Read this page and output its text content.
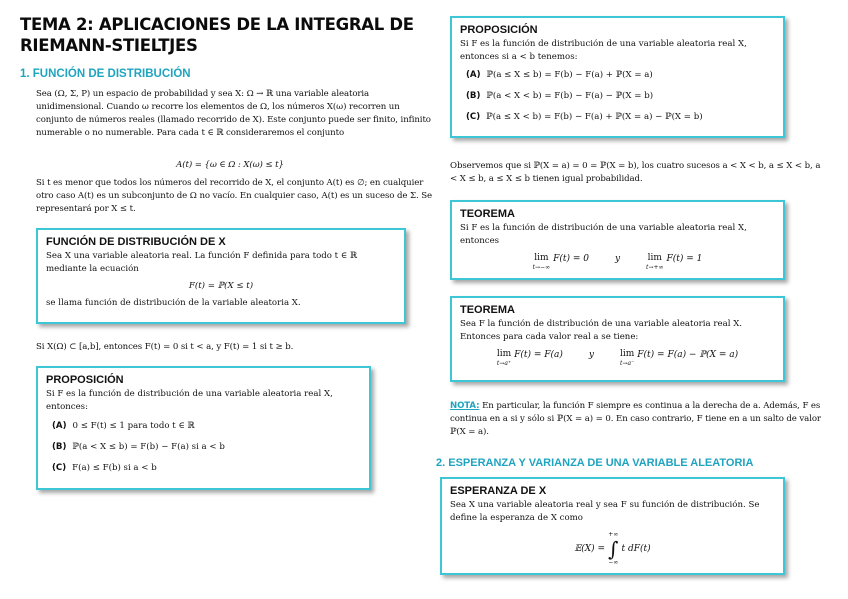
TEMA 2: APLICACIONES DE LA INTEGRAL DE
RIEMANN-STIELTJES
1. FUNCIÓN DE DISTRIBUCIÓN

Sea (Ω, Σ, P) un espacio de probabilidad y sea X: Ω → ℝ una variable aleatoria unidimensional. Cuando ω recorre los elementos de Ω, los números X(ω) recorren un conjunto de números reales (llamado recorrido de X). Este conjunto puede ser finito, infinito numerable o no numerable. Para cada t ∈ ℝ consideraremos el conjunto

A(t) = {ω ∈ Ω : X(ω) ≤ t}

Si t es menor que todos los números del recorrido de X, el conjunto A(t) es ∅; en cualquier otro caso A(t) es un subconjunto de Ω no vacío. En cualquier caso, A(t) es un suceso de Σ. Se representará por X ≤ t.

FUNCIÓN DE DISTRIBUCIÓN DE X

Sea X una variable aleatoria real. La función F definida para todo t ∈ ℝ mediante la ecuación

F(t) = ℙ(X ≤ t)

se llama función de distribución de la variable aleatoria X.

Si X(Ω) ⊂ [a,b], entonces F(t) = 0 si t < a, y F(t) = 1 si t ≥ b.

PROPOSICIÓN

Si F es la función de distribución de una variable aleatoria real X, entonces:

(A) 0 ≤ F(t) ≤ 1 para todo t ∈ ℝ
(B) ℙ(a < X ≤ b) = F(b) − F(a) si a < b
(C) F(a) ≤ F(b) si a < b
PROPOSICIÓN

Si F es la función de distribución de una variable aleatoria real X, entonces si a < b tenemos:

(A) ℙ(a ≤ X ≤ b) = F(b) − F(a) + ℙ(X = a)
(B) ℙ(a < X < b) = F(b) − F(a) − ℙ(X = b)
(C) ℙ(a ≤ X < b) = F(b) − F(a) + ℙ(X = a) − ℙ(X = b)

Observemos que si ℙ(X = a) = 0 = ℙ(X = b), los cuatro sucesos a < X < b, a ≤ X < b, a < X ≤ b, a ≤ X ≤ b tienen igual probabilidad.

TEOREMA

Si F es la función de distribución de una variable aleatoria real X, entonces

lim
t→−∞
F(t) = 0	y	lim
t→+∞
F(t) = 1
TEOREMA

Sea F la función de distribución de una variable aleatoria real X. Entonces para cada valor real a se tiene:

lim
t→a⁺
F(t) = F(a)	y	lim
t→a⁻
F(t) = F(a) − ℙ(X = a)

NOTA: En particular, la función F siempre es continua a la derecha de a. Además, F es continua en a si y sólo si ℙ(X = a) = 0. En caso contrario, F tiene en a un salto de valor ℙ(X = a).

2. ESPERANZA Y VARIANZA DE UNA VARIABLE ALEATORIA
ESPERANZA DE X

Sea X una variable aleatoria real y sea F su función de distribución. Se define la esperanza de X como

𝔼(X) =
+∞
∫
−∞
t dF(t)
